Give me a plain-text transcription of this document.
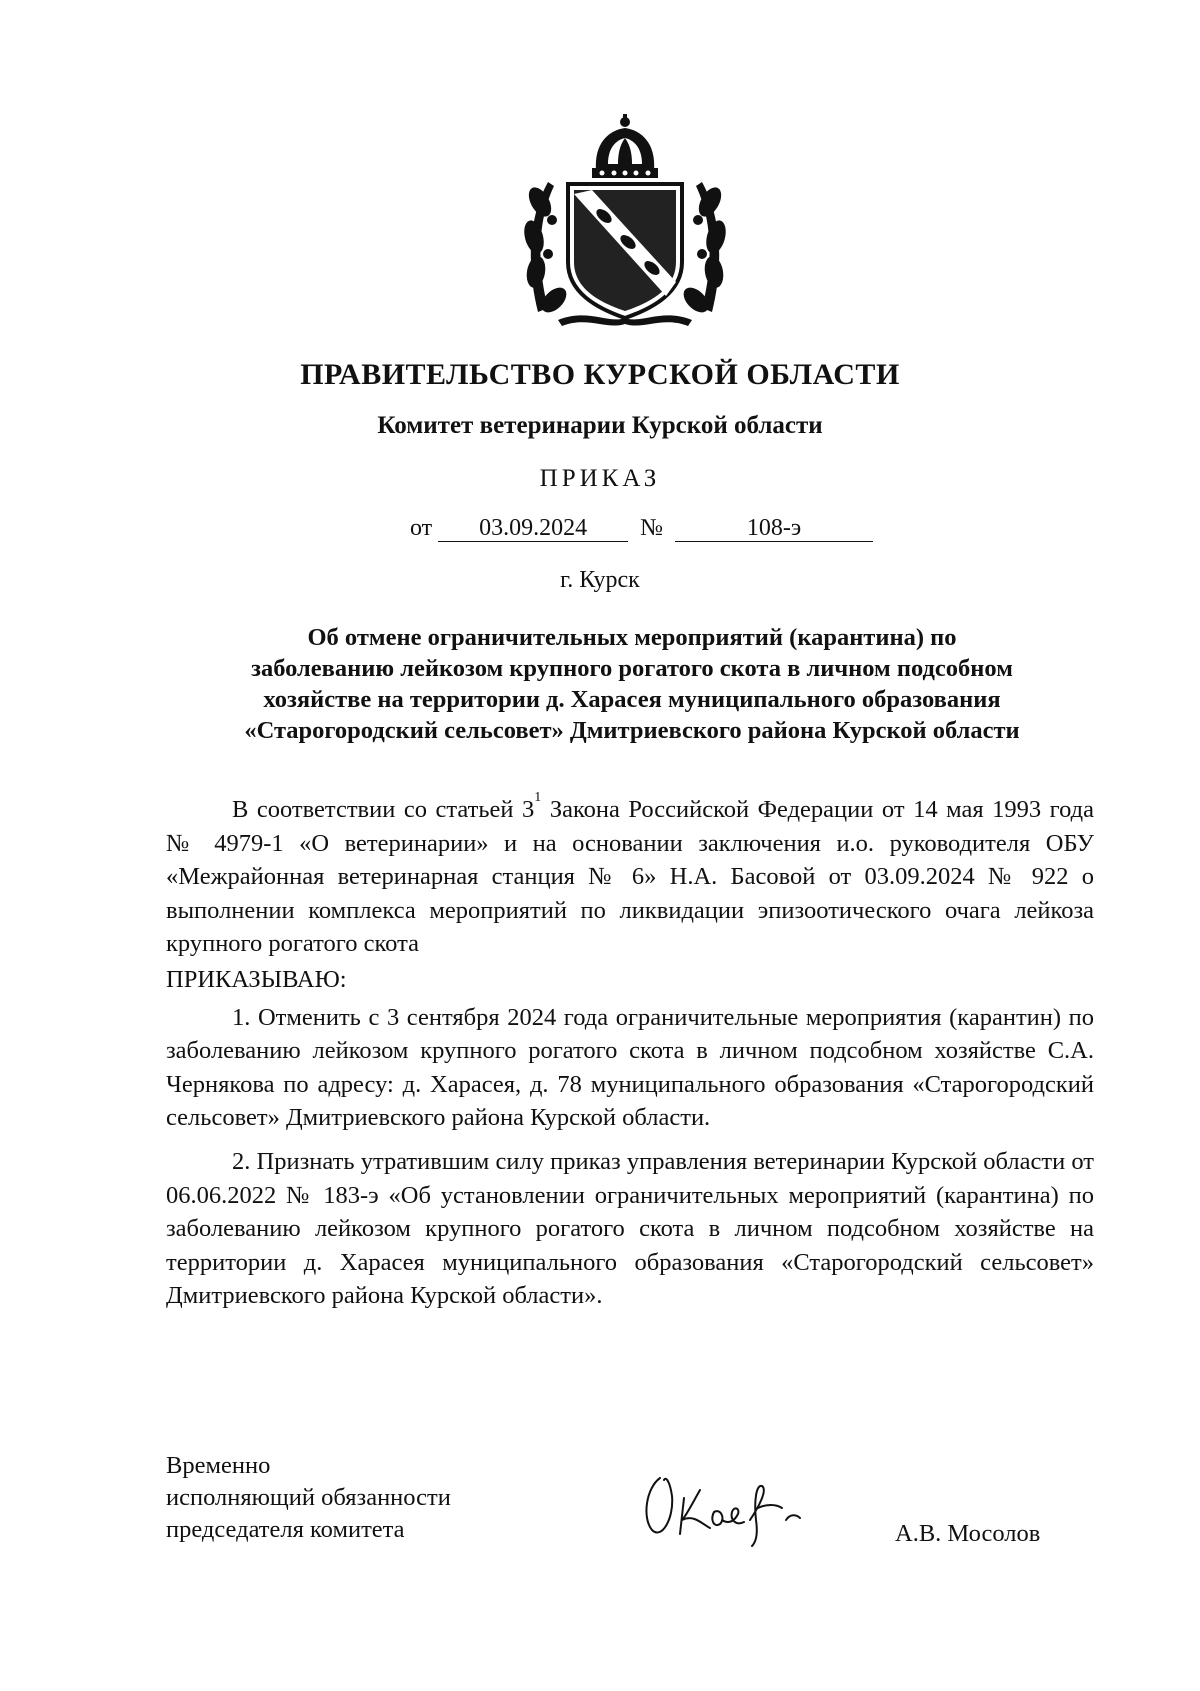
ПРАВИТЕЛЬСТВО КУРСКОЙ ОБЛАСТИ
Комитет ветеринарии Курской области
ПРИКАЗ
от 03.09.2024 №	108-э
г. Курск
Об отмене ограничительных мероприятий (карантина) по
заболеванию лейкозом крупного рогатого скота в личном подсобном
хозяйстве на территории д. Харасея муниципального образования
«Старогородский сельсовет» Дмитриевского района Курской области

В соответствии со статьей $3^1$ Закона Российской Федерации от 14 мая 1993 года № 4979-1 «О ветеринарии» и на основании заключения и.о. руководителя ОБУ «Межрайонная ветеринарная станция № 6» Н.А. Басовой от 03.09.2024 № 922 о выполнении комплекса мероприятий по ликвидации эпизоотического очага лейкоза крупного рогатого скота

ПРИКАЗЫВАЮ:

1. Отменить с 3 сентября 2024 года ограничительные мероприятия (карантин) по заболеванию лейкозом крупного рогатого скота в личном подсобном хозяйстве С.А. Чернякова по адресу: д. Харасея, д. 78 муниципального образования «Старогородский сельсовет» Дмитриевского района Курской области.

2. Признать утратившим силу приказ управления ветеринарии Курской области от 06.06.2022 № 183-э «Об установлении ограничительных мероприятий (карантина) по заболеванию лейкозом крупного рогатого скота в личном подсобном хозяйстве на территории д. Харасея муниципального образования «Старогородский сельсовет» Дмитриевского района Курской области».

Временно
исполняющий обязанности
председателя комитета	А.В. Мосолов
